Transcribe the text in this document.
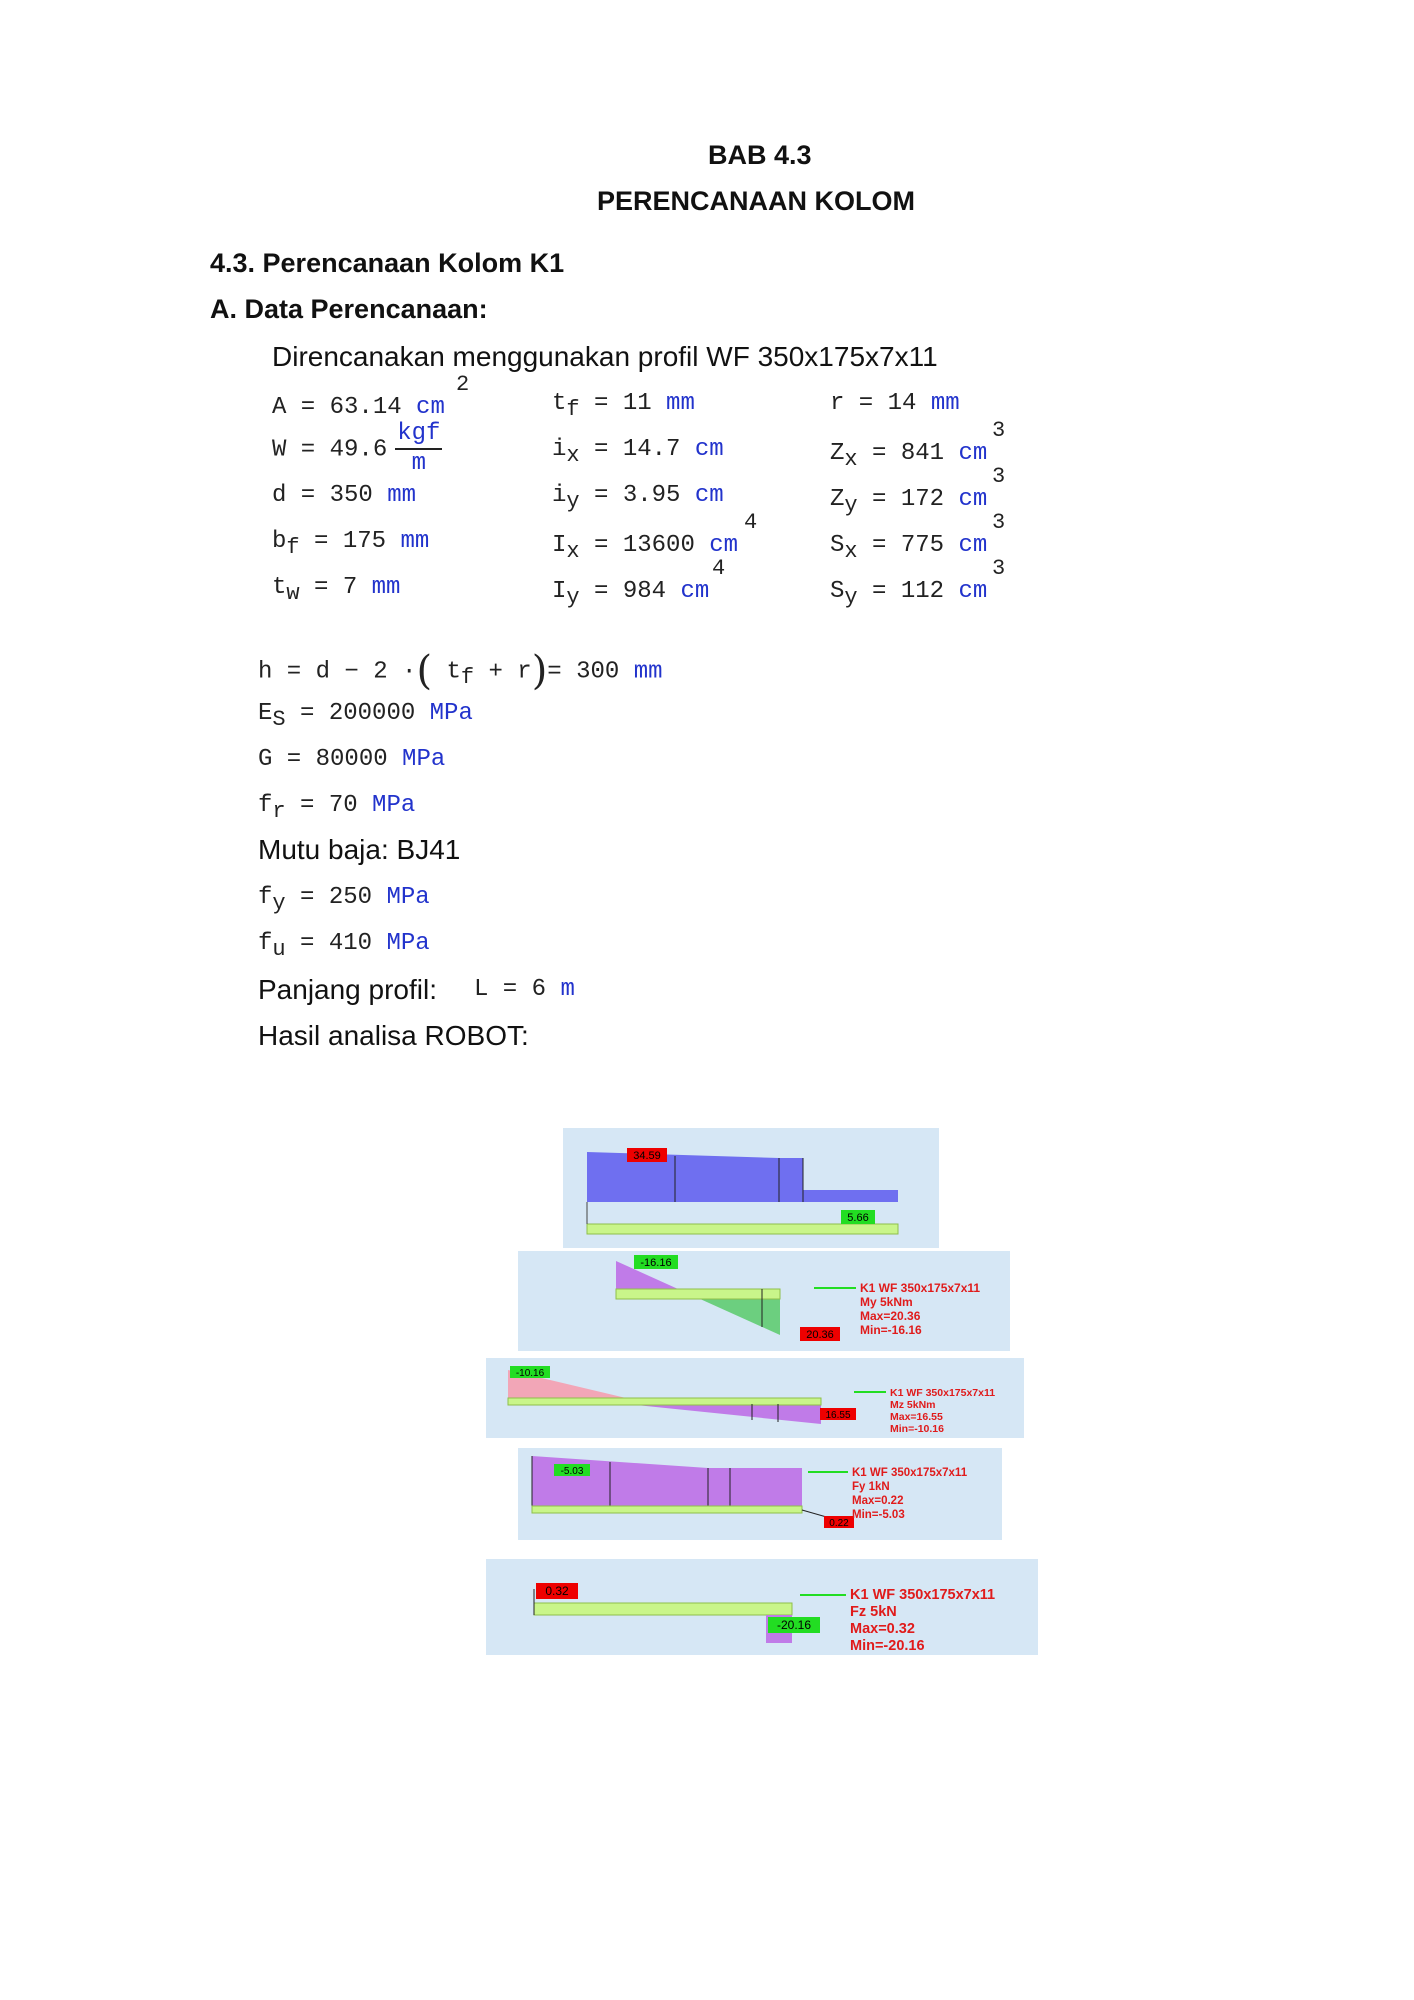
BAB 4.3
PERENCANAAN KOLOM
4.3. Perencanaan Kolom K1
A. Data Perencanaan:
Direncanakan menggunakan profil WF 350x175x7x11
A = 63.14 cm
2
$W = 49.6 \frac{\text{kgf}}{m}$
d = 350 mm
$b_f = 175$ mm
$t_w = 7$ mm
$t_f = 11$ mm
$i_x = 14.7$ cm
$i_y = 3.95$ cm
$I_x = 13600$ cm
4
$I_y = 984$ cm
4
r = 14 mm
$Z_x = 841$ cm
3
$Z_y = 172$ cm
3
$S_x = 775$ cm
3
$S_y = 112$ cm
3
h = d − 2 ·( $t_f + r)= 300$ mm
$E_S = 200000$ MPa
G = 80000 MPa
$f_r = 70$ MPa
Mutu baja: BJ41
$f_y = 250$ MPa
$f_u = 410$ MPa
Panjang profil: L = 6 m
Hasil analisa ROBOT:
34.59
5.66
-16.16
20.36
K1 WF 350x175x7x11
My 5kNm
Max=20.36
Min=-16.16
-10.16
16.55
K1 WF 350x175x7x11
Mz 5kNm
Max=16.55
Min=-10.16
-5.03
0.22
K1 WF 350x175x7x11
Fy 1kN
Max=0.22
Min=-5.03
0.32
-20.16
K1 WF 350x175x7x11
Fz 5kN
Max=0.32
Min=-20.16
